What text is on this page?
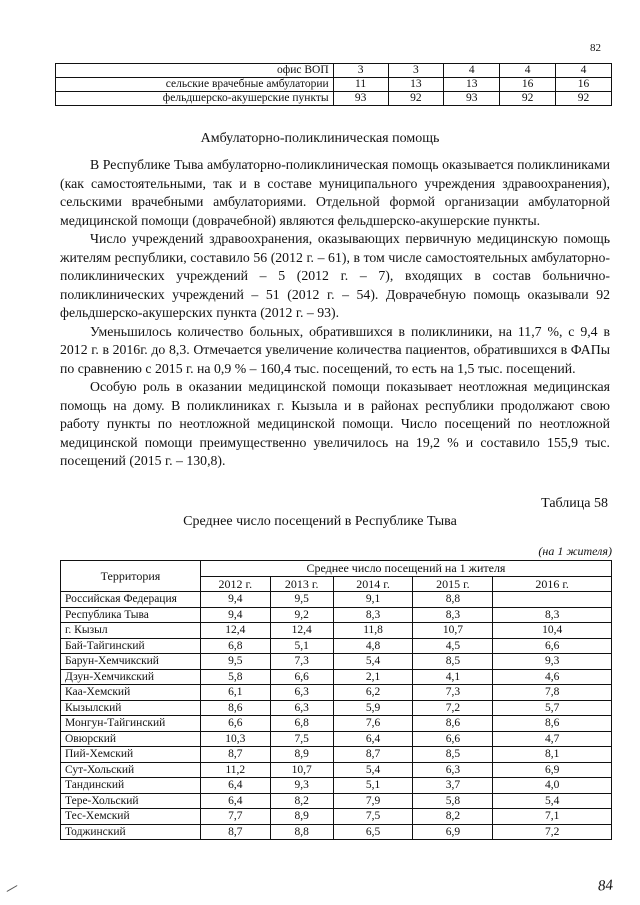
82
офис ВОП	3	3	4	4	4
сельские врачебные амбулатории	11	13	13	16	16
фельдшерско-акушерские пункты	93	92	93	92	92
Амбулаторно-поликлиническая помощь

В Республике Тыва амбулаторно-поликлиническая помощь оказывается поликлиниками (как самостоятельными, так и в составе муниципального учреждения здравоохранения), сельскими врачебными амбулаториями. Отдельной формой организации амбулаторной медицинской помощи (доврачебной) являются фельдшерско-акушерские пункты.

Число учреждений здравоохранения, оказывающих первичную медицинскую помощь жителям республики, составило 56 (2012 г. – 61), в том числе самостоятельных амбулаторно-поликлинических учреждений – 5 (2012 г. – 7), входящих в состав больнично-поликлинических учреждений – 51 (2012 г. – 54). Доврачебную помощь оказывали 92 фельдшерско-акушерских пункта (2012 г. – 93).

Уменьшилось количество больных, обратившихся в поликлиники, на 11,7 %, с 9,4 в 2012 г. в 2016г. до 8,3. Отмечается увеличение количества пациентов, обратившихся в ФАПы по сравнению с 2015 г. на 0,9 % – 160,4 тыс. посещений, то есть на 1,5 тыс. посещений.

Особую роль в оказании медицинской помощи показывает неотложная медицинская помощь на дому. В поликлиниках г. Кызыла и в районах республики продолжают свою работу пункты по неотложной медицинской помощи. Число посещений по неотложной медицинской помощи преимущественно увеличилось на 19,2 % и составило 155,9 тыс. посещений (2015 г. – 130,8).

Таблица 58
Среднее число посещений в Республике Тыва
(на 1 жителя)
Территория	Среднее число посещений на 1 жителя				
	2012 г.	2013 г.	2014 г.	2015 г.	2016 г.
Российская Федерация	9,4	9,5	9,1	8,8	
Республика Тыва	9,4	9,2	8,3	8,3	8,3
г. Кызыл	12,4	12,4	11,8	10,7	10,4
Бай-Тайгинский	6,8	5,1	4,8	4,5	6,6
Барун-Хемчикский	9,5	7,3	5,4	8,5	9,3
Дзун-Хемчикский	5,8	6,6	2,1	4,1	4,6
Каа-Хемский	6,1	6,3	6,2	7,3	7,8
Кызылский	8,6	6,3	5,9	7,2	5,7
Монгун-Тайгинский	6,6	6,8	7,6	8,6	8,6
Овюрский	10,3	7,5	6,4	6,6	4,7
Пий-Хемский	8,7	8,9	8,7	8,5	8,1
Сут-Хольский	11,2	10,7	5,4	6,3	6,9
Тандинский	6,4	9,3	5,1	3,7	4,0
Тере-Хольский	6,4	8,2	7,9	5,8	5,4
Тес-Хемский	7,7	8,9	7,5	8,2	7,1
Тоджинский	8,7	8,8	6,5	6,9	7,2
84
